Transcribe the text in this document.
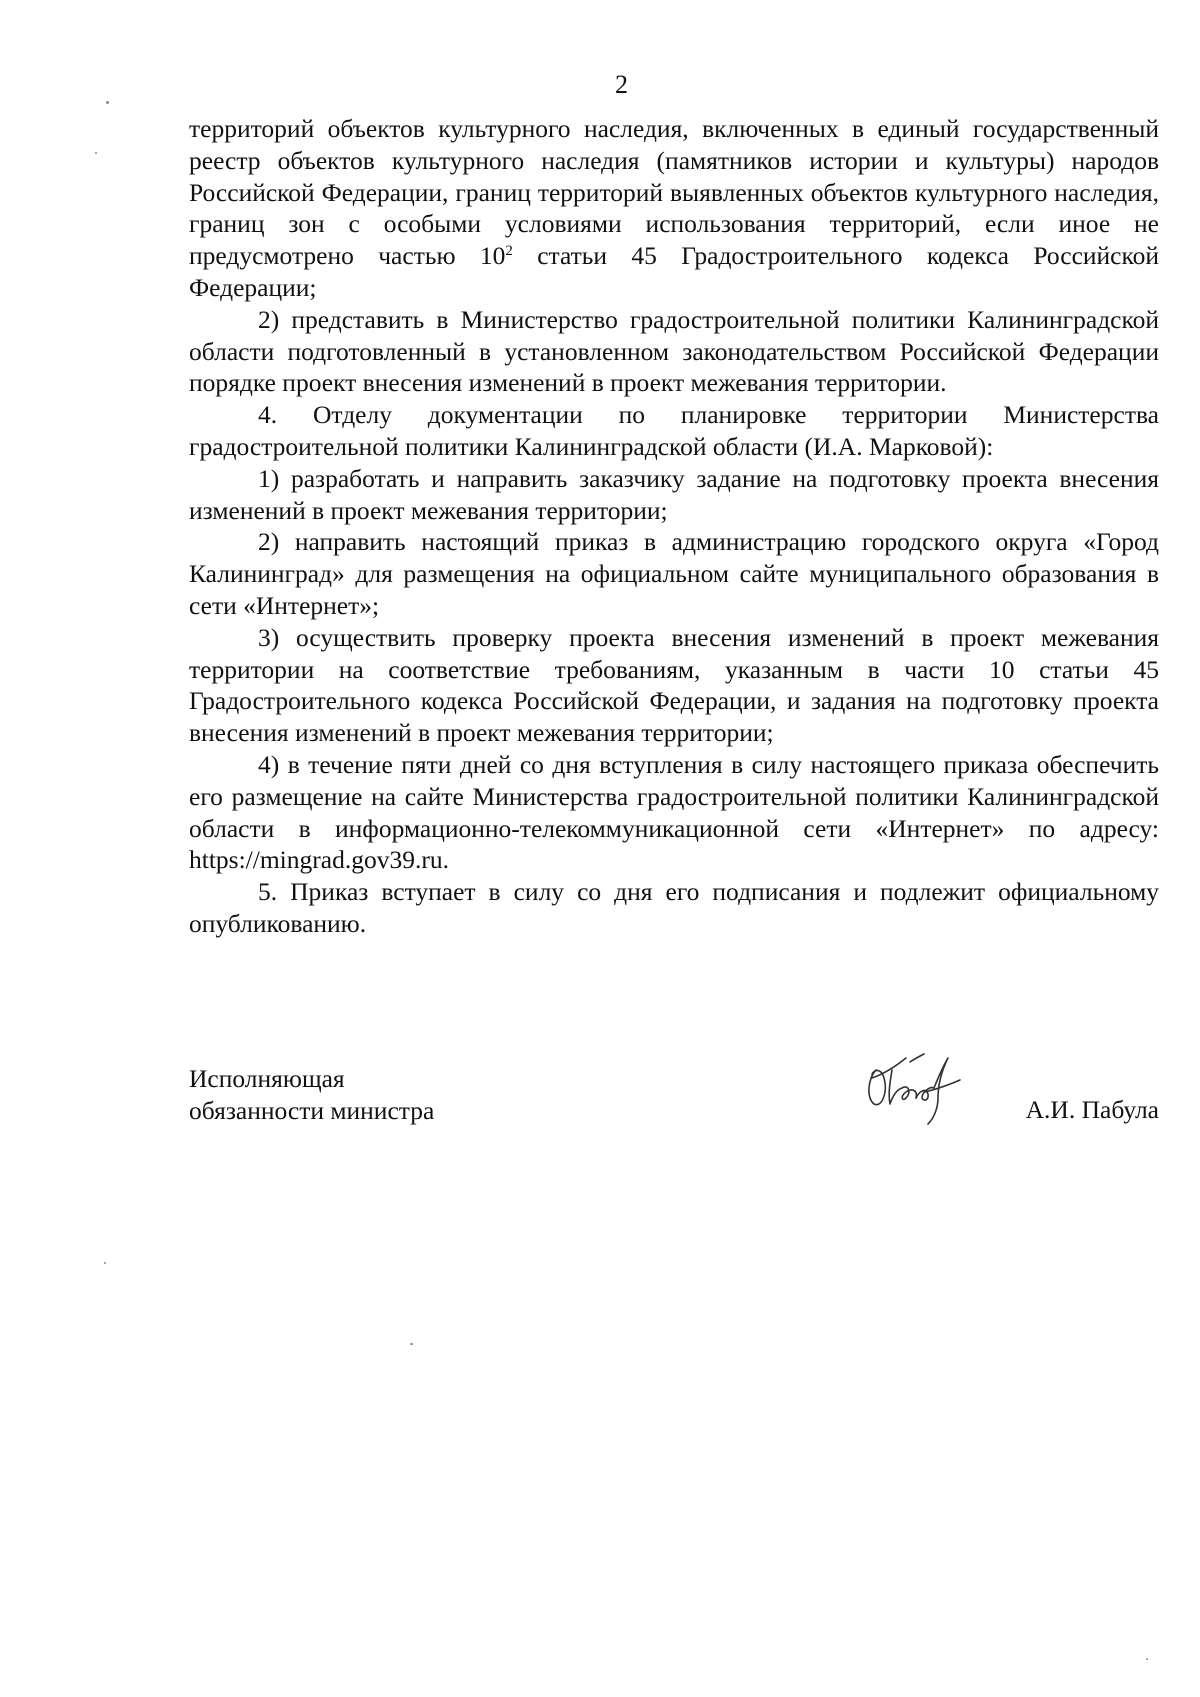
2

территорий объектов культурного наследия, включенных в единый государственный реестр объектов культурного наследия (памятников истории и культуры) народов Российской Федерации, границ территорий выявленных объектов культурного наследия, границ зон с особыми условиями использования территорий, если иное не предусмотрено частью $10^2$ статьи 45 Градостроительного кодекса Российской Федерации;

2) представить в Министерство градостроительной политики Калининградской области подготовленный в установленном законодательством Российской Федерации порядке проект внесения изменений в проект межевания территории.

4. Отделу документации по планировке территории Министерства градостроительной политики Калининградской области (И.А. Марковой):

1) разработать и направить заказчику задание на подготовку проекта внесения изменений в проект межевания территории;

2) направить настоящий приказ в администрацию городского округа «Город Калининград» для размещения на официальном сайте муниципального образования в сети «Интернет»;

3) осуществить проверку проекта внесения изменений в проект межевания территории на соответствие требованиям, указанным в части 10 статьи 45 Градостроительного кодекса Российской Федерации, и задания на подготовку проекта внесения изменений в проект межевания территории;

4) в течение пяти дней со дня вступления в силу настоящего приказа обеспечить его размещение на сайте Министерства градостроительной политики Калининградской области в информационно-телекоммуникационной сети «Интернет» по адресу: https://mingrad.gov39.ru.

5. Приказ вступает в силу со дня его подписания и подлежит официальному опубликованию.

Исполняющая
обязанности министра	А.И. Пабула
